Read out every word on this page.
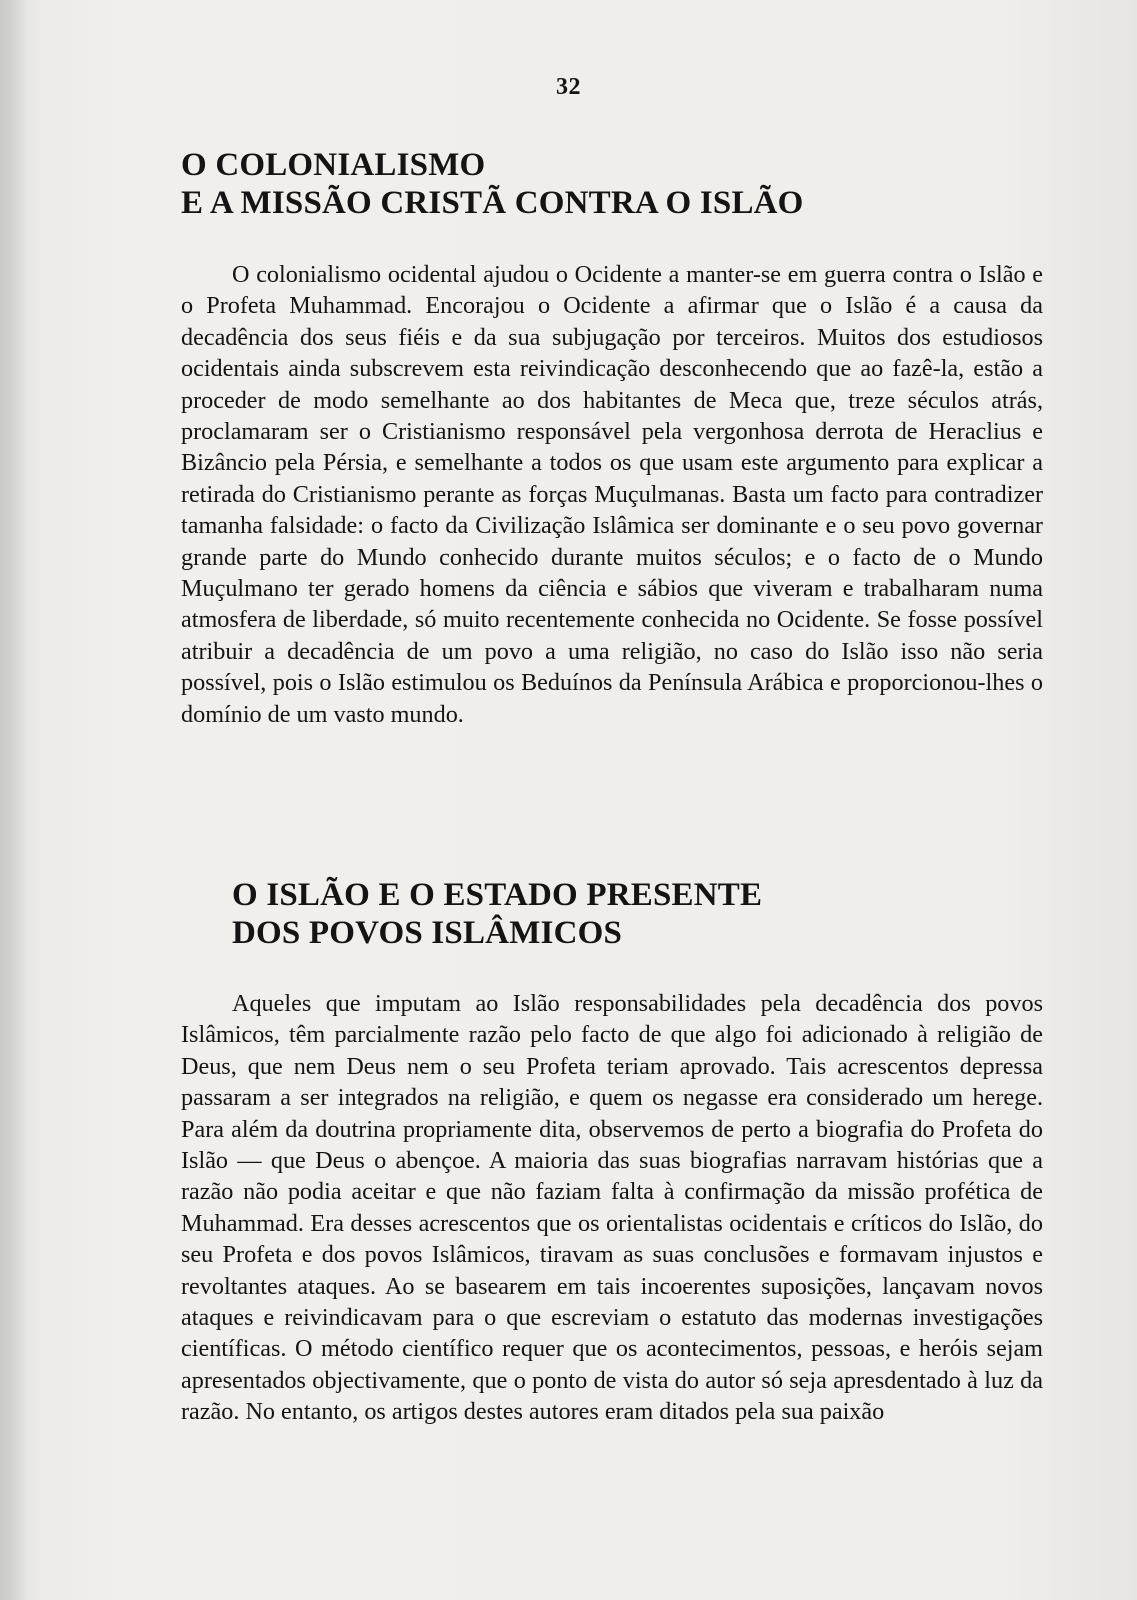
32
O COLONIALISMO
E A MISSÃO CRISTÃ CONTRA O ISLÃO

O colonialismo ocidental ajudou o Ocidente a manter-se em guerra contra o Islão e o Profeta Muhammad. Encorajou o Ocidente a afirmar que o Islão é a causa da decadência dos seus fiéis e da sua subjugação por terceiros. Muitos dos estudiosos ocidentais ainda subscrevem esta reivindicação desconhecendo que ao fazê-la, estão a proceder de modo semelhante ao dos habitantes de Meca que, treze séculos atrás, proclamaram ser o Cristianismo responsável pela vergonhosa derrota de Heraclius e Bizâncio pela Pérsia, e semelhante a todos os que usam este argumento para explicar a retirada do Cristianismo perante as forças Muçulmanas. Basta um facto para contradizer tamanha falsidade: o facto da Civilização Islâmica ser dominante e o seu povo governar grande parte do Mundo conhecido durante muitos séculos; e o facto de o Mundo Muçulmano ter gerado homens da ciência e sábios que viveram e trabalharam numa atmosfera de liberdade, só muito recentemente conhecida no Ocidente. Se fosse possível atribuir a decadência de um povo a uma religião, no caso do Islão isso não seria possível, pois o Islão estimulou os Beduínos da Península Arábica e proporcionou-lhes o domínio de um vasto mundo.

O ISLÃO E O ESTADO PRESENTE
DOS POVOS ISLÂMICOS

Aqueles que imputam ao Islão responsabilidades pela decadência dos povos Islâmicos, têm parcialmente razão pelo facto de que algo foi adicionado à religião de Deus, que nem Deus nem o seu Profeta teriam aprovado. Tais acrescentos depressa passaram a ser integrados na religião, e quem os negasse era considerado um herege. Para além da doutrina propriamente dita, observemos de perto a biografia do Profeta do Islão — que Deus o abençoe. A maioria das suas biografias narravam histórias que a razão não podia aceitar e que não faziam falta à confirmação da missão profética de Muhammad. Era desses acrescentos que os orientalistas ocidentais e críticos do Islão, do seu Profeta e dos povos Islâmicos, tiravam as suas conclusões e formavam injustos e revoltantes ataques. Ao se basearem em tais incoerentes suposições, lançavam novos ataques e reivindicavam para o que escreviam o estatuto das modernas investigações científicas. O método científico requer que os acontecimentos, pessoas, e heróis sejam apresentados objectivamente, que o ponto de vista do autor só seja apresdentado à luz da razão. No entanto, os artigos destes autores eram ditados pela sua paixão
